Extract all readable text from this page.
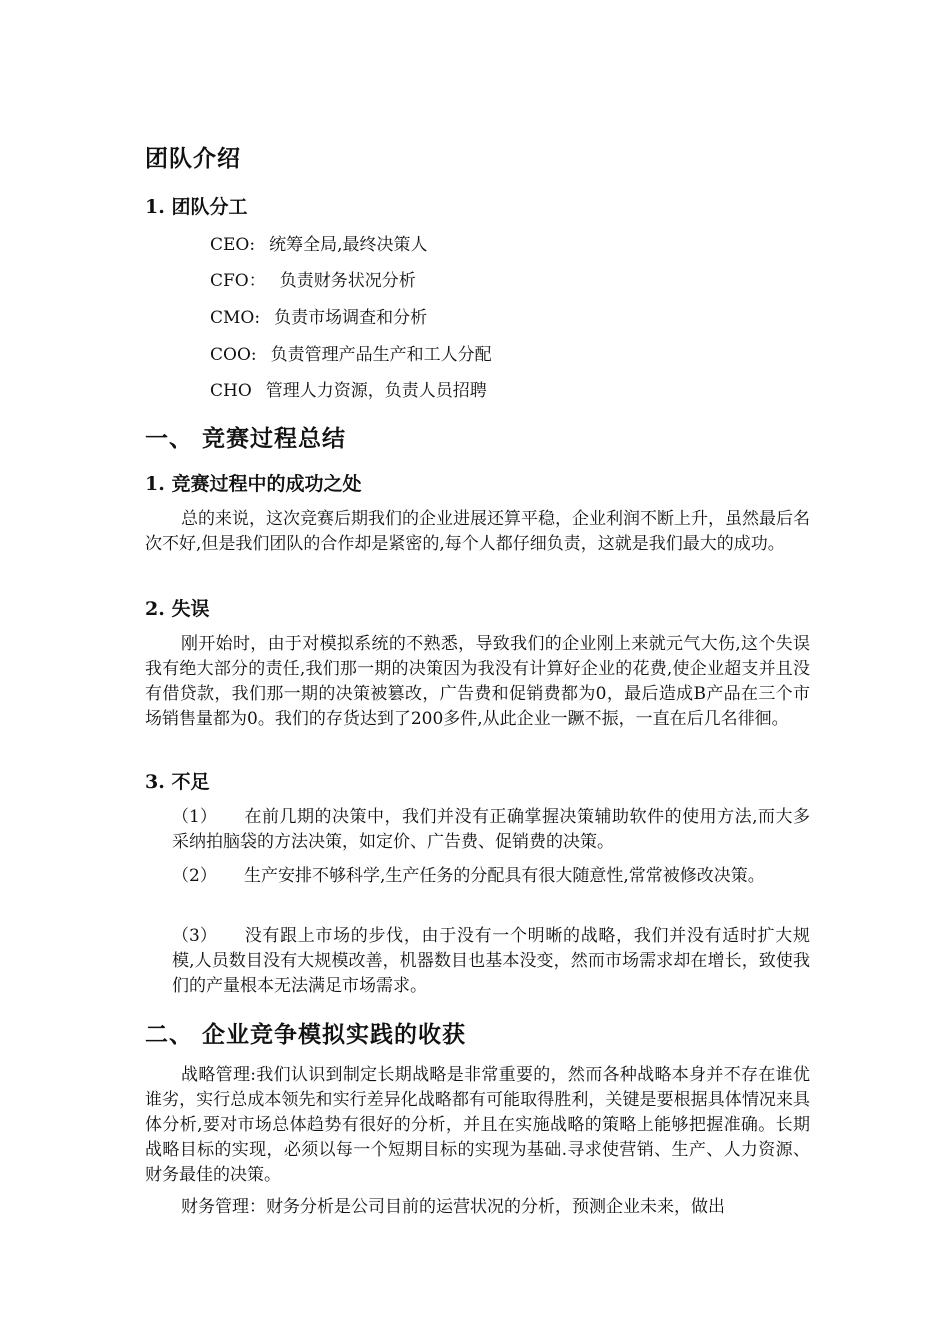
团队介绍
1. 团队分工
CEO: 统筹全局,最终决策人
CFO： 负责财务状况分析
CMO: 负责市场调查和分析
COO: 负责管理产品生产和工人分配
CHO 管理人力资源，负责人员招聘
一、 竞赛过程总结
1. 竞赛过程中的成功之处
总的来说，这次竞赛后期我们的企业进展还算平稳，企业利润不断上升，虽然最后名次不好,但是我们团队的合作却是紧密的,每个人都仔细负责，这就是我们最大的成功。
2. 失误
刚开始时，由于对模拟系统的不熟悉，导致我们的企业刚上来就元气大伤,这个失误我有绝大部分的责任,我们那一期的决策因为我没有计算好企业的花费,使企业超支并且没有借贷款，我们那一期的决策被篡改，广告费和促销费都为0，最后造成B产品在三个市场销售量都为0。我们的存货达到了200多件,从此企业一蹶不振，一直在后几名徘徊。
3. 不足
（1） 在前几期的决策中，我们并没有正确掌握决策辅助软件的使用方法,而大多采纳拍脑袋的方法决策，如定价、广告费、促销费的决策。
（2） 生产安排不够科学,生产任务的分配具有很大随意性,常常被修改决策。
（3） 没有跟上市场的步伐，由于没有一个明晰的战略，我们并没有适时扩大规模,人员数目没有大规模改善，机器数目也基本没变，然而市场需求却在增长，致使我们的产量根本无法满足市场需求。
二、 企业竞争模拟实践的收获
战略管理:我们认识到制定长期战略是非常重要的，然而各种战略本身并不存在谁优谁劣，实行总成本领先和实行差异化战略都有可能取得胜利，关键是要根据具体情况来具体分析,要对市场总体趋势有很好的分析，并且在实施战略的策略上能够把握准确。长期战略目标的实现，必须以每一个短期目标的实现为基础.寻求使营销、生产、人力资源、财务最佳的决策。
财务管理：财务分析是公司目前的运营状况的分析，预测企业未来，做出
